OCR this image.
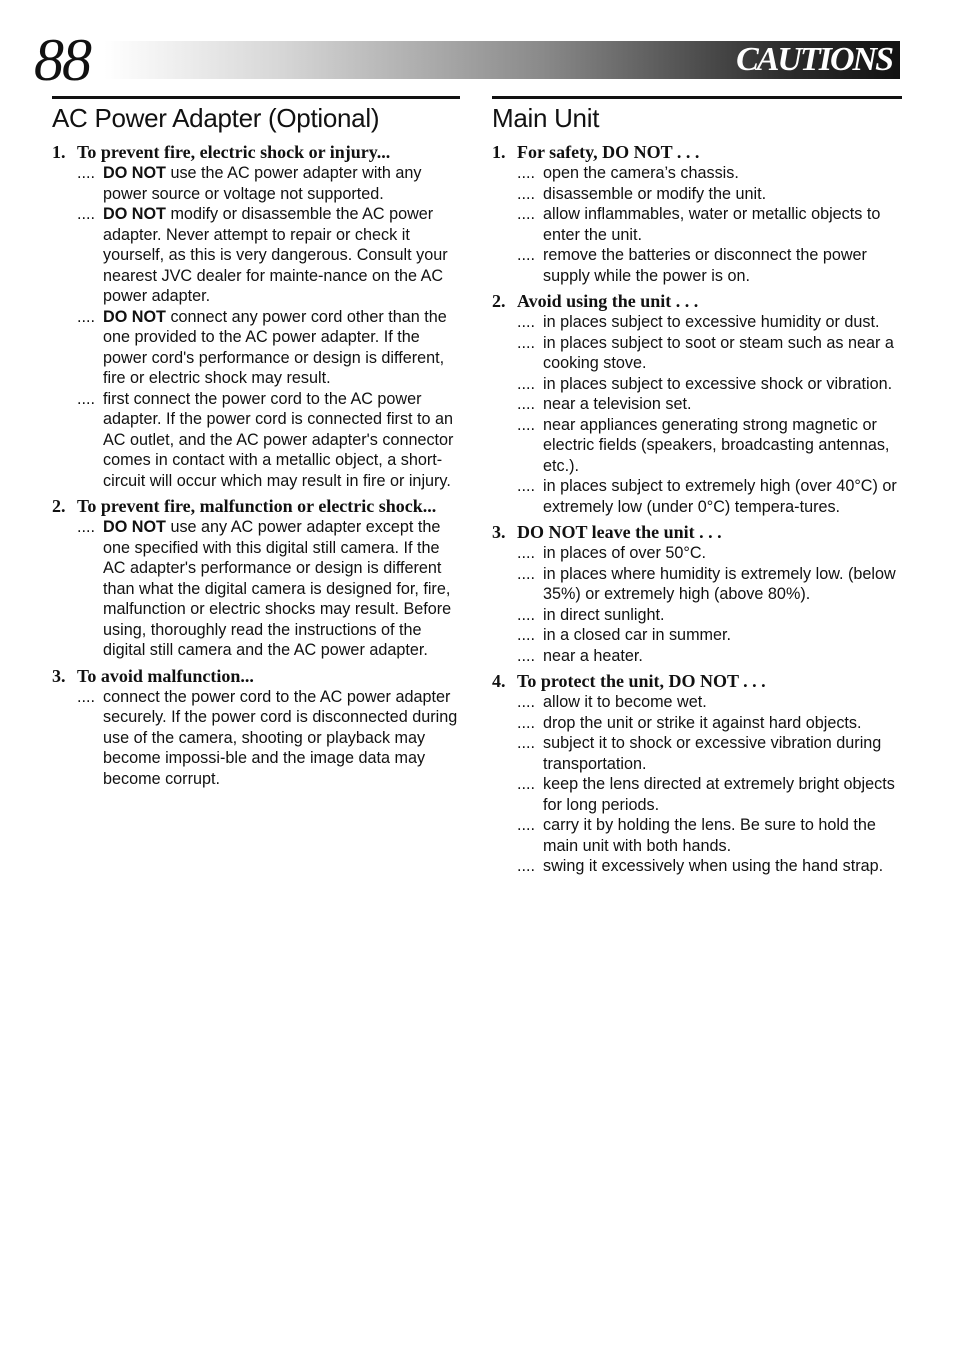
88	CAUTIONS
AC Power Adapter (Optional)
1. To prevent fire, electric shock or injury...
.... DO NOT use the AC power adapter with any power source or voltage not supported.
.... DO NOT modify or disassemble the AC power adapter. Never attempt to repair or check it yourself, as this is very dangerous. Consult your nearest JVC dealer for mainte-nance on the AC power adapter.
.... DO NOT connect any power cord other than the one provided to the AC power adapter. If the power cord's performance or design is different, fire or electric shock may result.
.... first connect the power cord to the AC power adapter. If the power cord is connected first to an AC outlet, and the AC power adapter's connector comes in contact with a metallic object, a short-circuit will occur which may result in fire or injury.
2. To prevent fire, malfunction or electric shock...
.... DO NOT use any AC power adapter except the one specified with this digital still camera. If the AC adapter's performance or design is different than what the digital camera is designed for, fire, malfunction or electric shocks may result. Before using, thoroughly read the instructions of the digital still camera and the AC power adapter.
3. To avoid malfunction...
.... connect the power cord to the AC power adapter securely. If the power cord is disconnected during use of the camera, shooting or playback may become impossi-ble and the image data may become corrupt.
Main Unit
1. For safety, DO NOT . . .
.... open the camera’s chassis.
.... disassemble or modify the unit.
.... allow inflammables, water or metallic objects to enter the unit.
.... remove the batteries or disconnect the power supply while the power is on.
2. Avoid using the unit . . .
.... in places subject to excessive humidity or dust.
.... in places subject to soot or steam such as near a cooking stove.
.... in places subject to excessive shock or vibration.
.... near a television set.
.... near appliances generating strong magnetic or electric fields (speakers, broadcasting antennas, etc.).
.... in places subject to extremely high (over 40°C) or extremely low (under 0°C) tempera-tures.
3. DO NOT leave the unit . . .
.... in places of over 50°C.
.... in places where humidity is extremely low. (below 35%) or extremely high (above 80%).
.... in direct sunlight.
.... in a closed car in summer.
.... near a heater.
4. To protect the unit, DO NOT . . .
.... allow it to become wet.
.... drop the unit or strike it against hard objects.
.... subject it to shock or excessive vibration during transportation.
.... keep the lens directed at extremely bright objects for long periods.
.... carry it by holding the lens. Be sure to hold the main unit with both hands.
.... swing it excessively when using the hand strap.
